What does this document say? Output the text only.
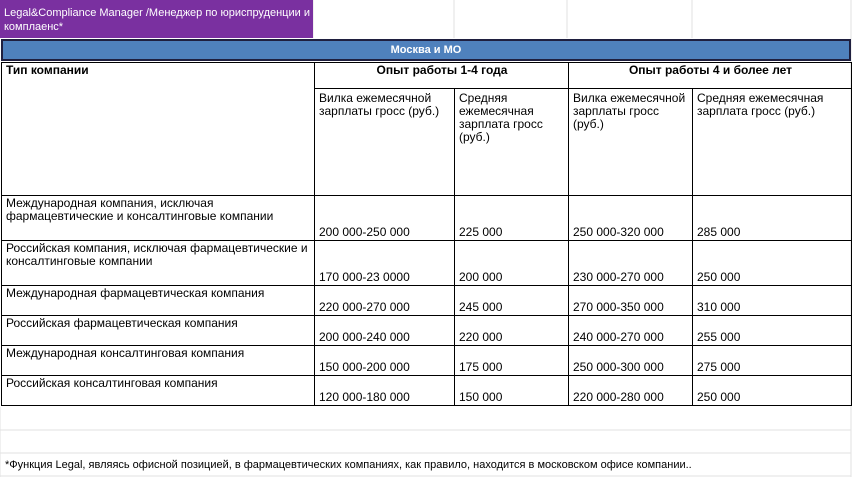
Legal&Compliance Manager /Менеджер по юриспруденции и комплаенс*
Москва и МО
Тип компании	Опыт работы 1-4 года		Опыт работы 4 и более лет	
	Вилка ежемесячной зарплаты гросс (руб.)	Средняя ежемесячная зарплата гросс (руб.)	Вилка ежемесячной зарплаты гросс (руб.)	Средняя ежемесячная зарплата гросс (руб.)
Международная компания, исключая фармацевтические и консалтинговые компании	200 000-250 000	225 000	250 000-320 000	285 000
Российская компания, исключая фармацевтические и консалтинговые компании	170 000-23 0000	200 000	230 000-270 000	250 000
Международная фармацевтическая компания	220 000-270 000	245 000	270 000-350 000	310 000
Российская фармацевтическая компания	200 000-240 000	220 000	240 000-270 000	255 000
Международная консалтинговая компания	150 000-200 000	175 000	250 000-300 000	275 000
Российская консалтинговая компания	120 000-180 000	150 000	220 000-280 000	250 000
*Функция Legal, являясь офисной позицией, в фармацевтических компаниях, как правило, находится в московском офисе компании..
